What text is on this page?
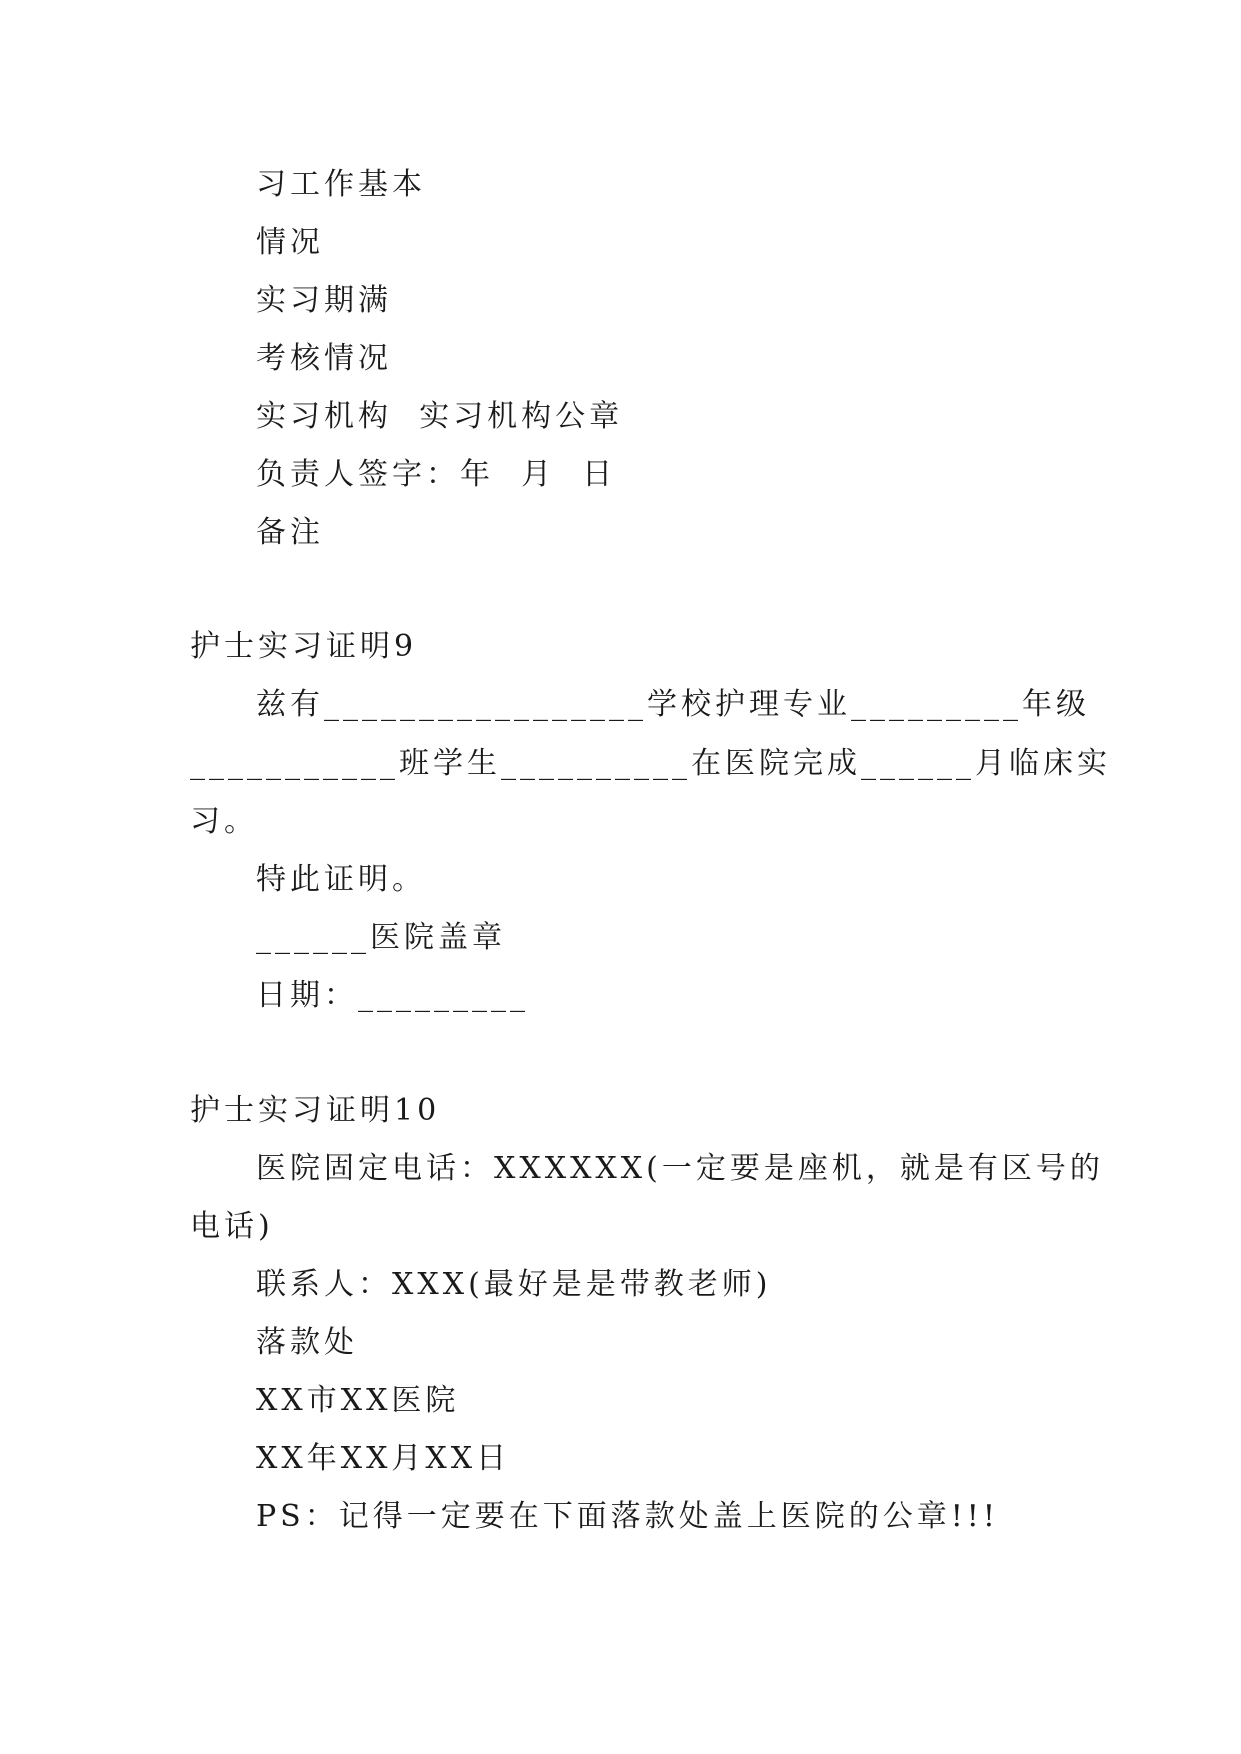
习工作基本
情况
实习期满
考核情况
实习机构  实习机构公章
负责人签字：年  月  日
备注
护士实习证明9
兹有_________________学校护理专业_________年级
___________班学生__________在医院完成______月临床实
习。
特此证明。
______医院盖章
日期：_________
护士实习证明10
医院固定电话：XXXXXX(一定要是座机，就是有区号的
电话)
联系人：XXX(最好是是带教老师)
落款处
XX市XX医院
XX年XX月XX日
PS：记得一定要在下面落款处盖上医院的公章!!!
